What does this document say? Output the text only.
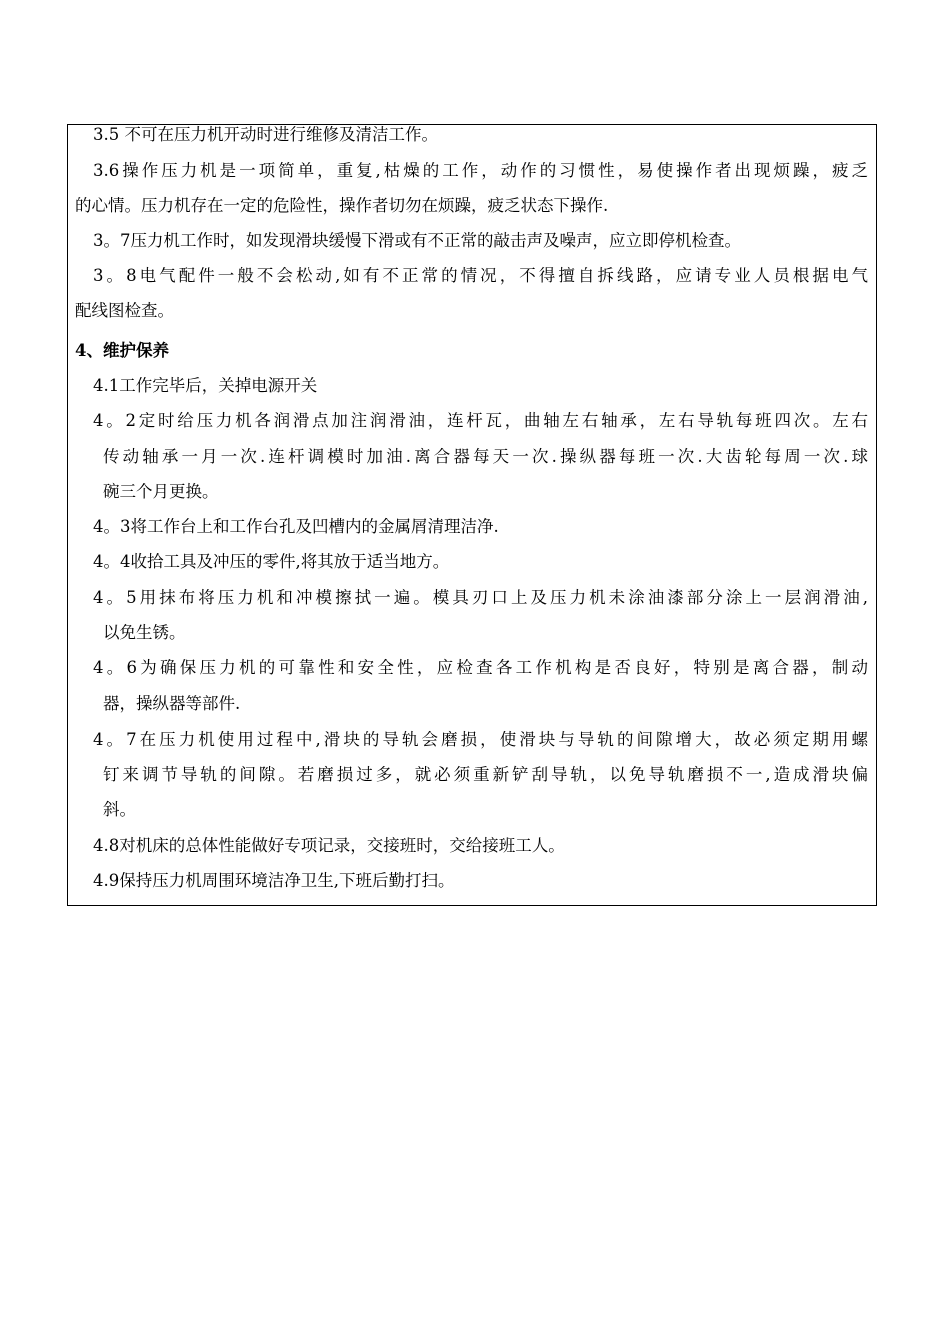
3.5 不可在压力机开动时进行维修及清洁工作。
3.6操作压力机是一项简单，重复,枯燥的工作，动作的习惯性，易使操作者出现烦躁，疲乏
的心情。压力机存在一定的危险性，操作者切勿在烦躁，疲乏状态下操作.
3。7压力机工作时，如发现滑块缓慢下滑或有不正常的敲击声及噪声，应立即停机检查。
3。8电气配件一般不会松动,如有不正常的情况，不得擅自拆线路，应请专业人员根据电气
配线图检查。
4、维护保养
4.1工作完毕后，关掉电源开关
4。2定时给压力机各润滑点加注润滑油，连杆瓦，曲轴左右轴承，左右导轨每班四次。左右
传动轴承一月一次.连杆调模时加油.离合器每天一次.操纵器每班一次.大齿轮每周一次.球
碗三个月更换。
4。3将工作台上和工作台孔及凹槽内的金属屑清理洁净.
4。4收拾工具及冲压的零件,将其放于适当地方。
4。5用抹布将压力机和冲模擦拭一遍。模具刃口上及压力机未涂油漆部分涂上一层润滑油,
以免生锈。
4。6为确保压力机的可靠性和安全性，应检查各工作机构是否良好，特别是离合器，制动
器，操纵器等部件.
4。7在压力机使用过程中,滑块的导轨会磨损，使滑块与导轨的间隙增大，故必须定期用螺
钉来调节导轨的间隙。若磨损过多，就必须重新铲刮导轨，以免导轨磨损不一,造成滑块偏
斜。
4.8对机床的总体性能做好专项记录，交接班时，交给接班工人。
4.9保持压力机周围环境洁净卫生,下班后勤打扫。
